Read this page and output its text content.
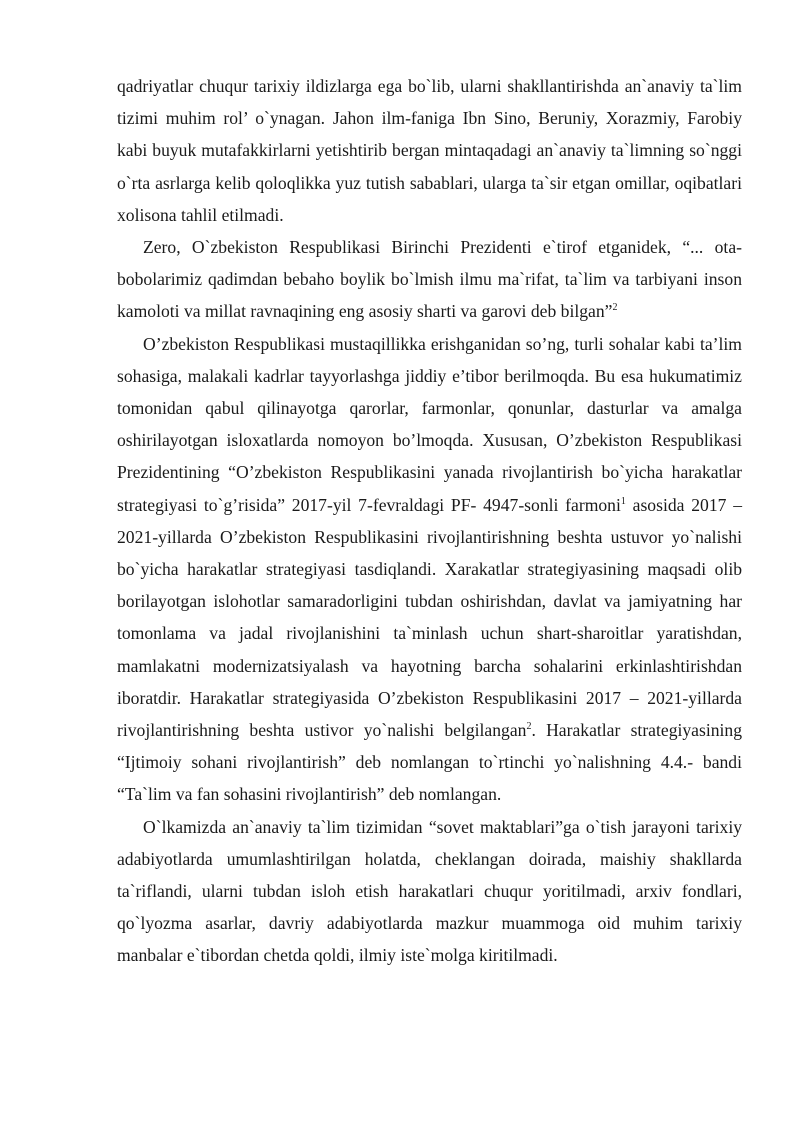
qadriyatlar chuqur tarixiy ildizlarga ega bo`lib, ularni shakllantirishda an`anaviy ta`lim tizimi muhim rol’ o`ynagan. Jahon ilm-faniga Ibn Sino, Beruniy, Xorazmiy, Farobiy kabi buyuk mutafakkirlarni yetishtirib bergan mintaqadagi an`anaviy ta`limning so`nggi o`rta asrlarga kelib qoloqlikka yuz tutish sabablari, ularga ta`sir etgan omillar, oqibatlari xolisona tahlil etilmadi.

Zero, O`zbekiston Respublikasi Birinchi Prezidenti e`tirof etganidek, “... ota-bobolarimiz qadimdan bebaho boylik bo`lmish ilmu ma`rifat, ta`lim va tarbiyani inson kamoloti va millat ravnaqining eng asosiy sharti va garovi deb bilgan”$^2$

O’zbekiston Respublikasi mustaqillikka erishganidan so’ng, turli sohalar kabi ta’lim sohasiga, malakali kadrlar tayyorlashga jiddiy e’tibor berilmoqda. Bu esa hukumatimiz tomonidan qabul qilinayotga qarorlar, farmonlar, qonunlar, dasturlar va amalga oshirilayotgan isloxatlarda nomoyon bo’lmoqda. Xususan, O’zbekiston Respublikasi Prezidentining “O’zbekiston Respublikasini yanada rivojlantirish bo`yicha harakatlar strategiyasi to`g’risida” 2017-yil 7-fevraldagi PF- 4947-sonli farmoni$^1$ asosida 2017 – 2021-yillarda O’zbekiston Respublikasini rivojlantirishning beshta ustuvor yo`nalishi bo`yicha harakatlar strategiyasi tasdiqlandi. Xarakatlar strategiyasining maqsadi olib borilayotgan islohotlar samaradorligini tubdan oshirishdan, davlat va jamiyatning har tomonlama va jadal rivojlanishini ta`minlash uchun shart-sharoitlar yaratishdan, mamlakatni modernizatsiyalash va hayotning barcha sohalarini erkinlashtirishdan iboratdir. Harakatlar strategiyasida O’zbekiston Respublikasini 2017 – 2021-yillarda rivojlantirishning beshta ustivor yo`nalishi belgilangan$^2$. Harakatlar strategiyasining “Ijtimoiy sohani rivojlantirish” deb nomlangan to`rtinchi yo`nalishning 4.4.- bandi “Ta`lim va fan sohasini rivojlantirish” deb nomlangan.

O`lkamizda an`anaviy ta`lim tizimidan “sovet maktablari”ga o`tish jarayoni tarixiy adabiyotlarda umumlashtirilgan holatda, cheklangan doirada, maishiy shakllarda ta`riflandi, ularni tubdan isloh etish harakatlari chuqur yoritilmadi, arxiv fondlari, qo`lyozma asarlar, davriy adabiyotlarda mazkur muammoga oid muhim tarixiy manbalar e`tibordan chetda qoldi, ilmiy iste`molga kiritilmadi.
